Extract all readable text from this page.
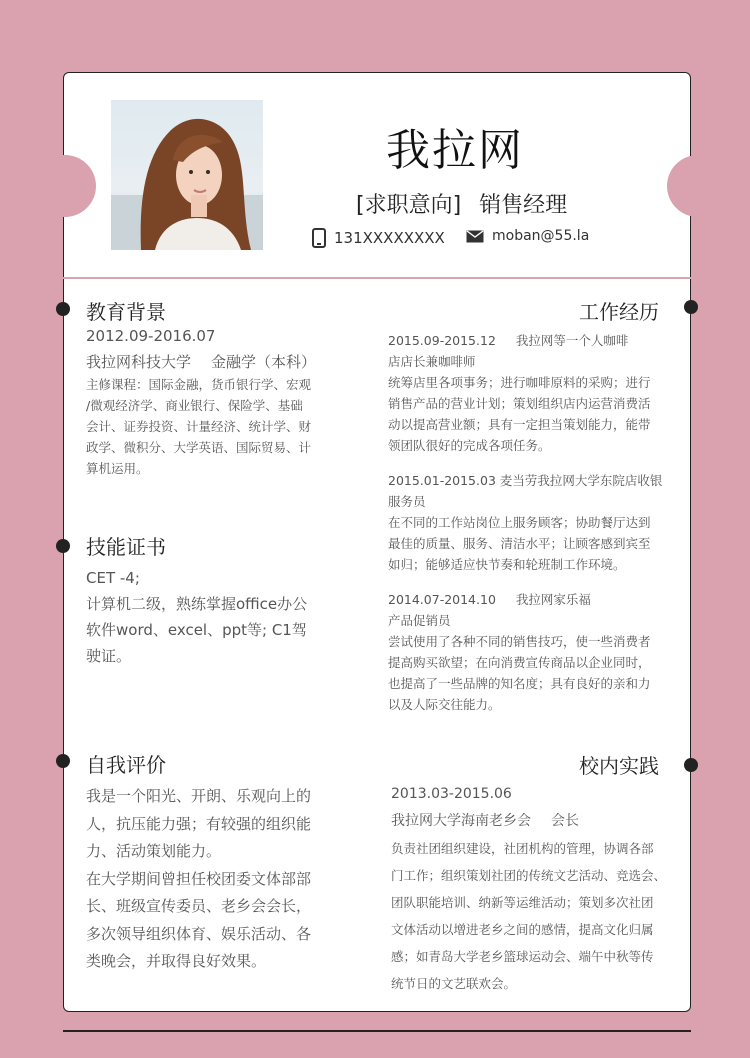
我拉网
[求职意向] 销售经理
131XXXXXXXX	moban@55.la
教育背景
2012.09-2016.07
我拉网科技大学 金融学（本科）
主修课程：国际金融，货币银行学、宏观
/微观经济学、商业银行、保险学、基础
会计、证券投资、计量经济、统计学、财
政学、微积分、大学英语、国际贸易、计
算机运用。
技能证书
CET -4;
计算机二级，熟练掌握office办公
软件word、excel、ppt等; C1驾
驶证。
自我评价
我是一个阳光、开朗、乐观向上的
人，抗压能力强；有较强的组织能
力、活动策划能力。
在大学期间曾担任校团委文体部部
长、班级宣传委员、老乡会会长，
多次领导组织体育、娱乐活动、各
类晚会，并取得良好效果。
工作经历
2015.09-2015.12 我拉网等一个人咖啡
店店长兼咖啡师
统筹店里各项事务；进行咖啡原料的采购；进行
销售产品的营业计划；策划组织店内运营消费活
动以提高营业额；具有一定担当策划能力，能带
领团队很好的完成各项任务。
2015.01-2015.03 麦当劳我拉网大学东院店收银
服务员
在不同的工作站岗位上服务顾客；协助餐厅达到
最佳的质量、服务、清洁水平；让顾客感到宾至
如归；能够适应快节奏和轮班制工作环境。
2014.07-2014.10 我拉网家乐福
产品促销员
尝试使用了各种不同的销售技巧，使一些消费者
提高购买欲望；在向消费宣传商品以企业同时，
也提高了一些品牌的知名度；具有良好的亲和力
以及人际交往能力。
校内实践
2013.03-2015.06
我拉网大学海南老乡会 会长
负责社团组织建设，社团机构的管理，协调各部
门工作；组织策划社团的传统文艺活动、竞选会、
团队职能培训、纳新等运维活动；策划多次社团
文体活动以增进老乡之间的感情，提高文化归属
感；如青岛大学老乡篮球运动会、端午中秋等传
统节日的文艺联欢会。
